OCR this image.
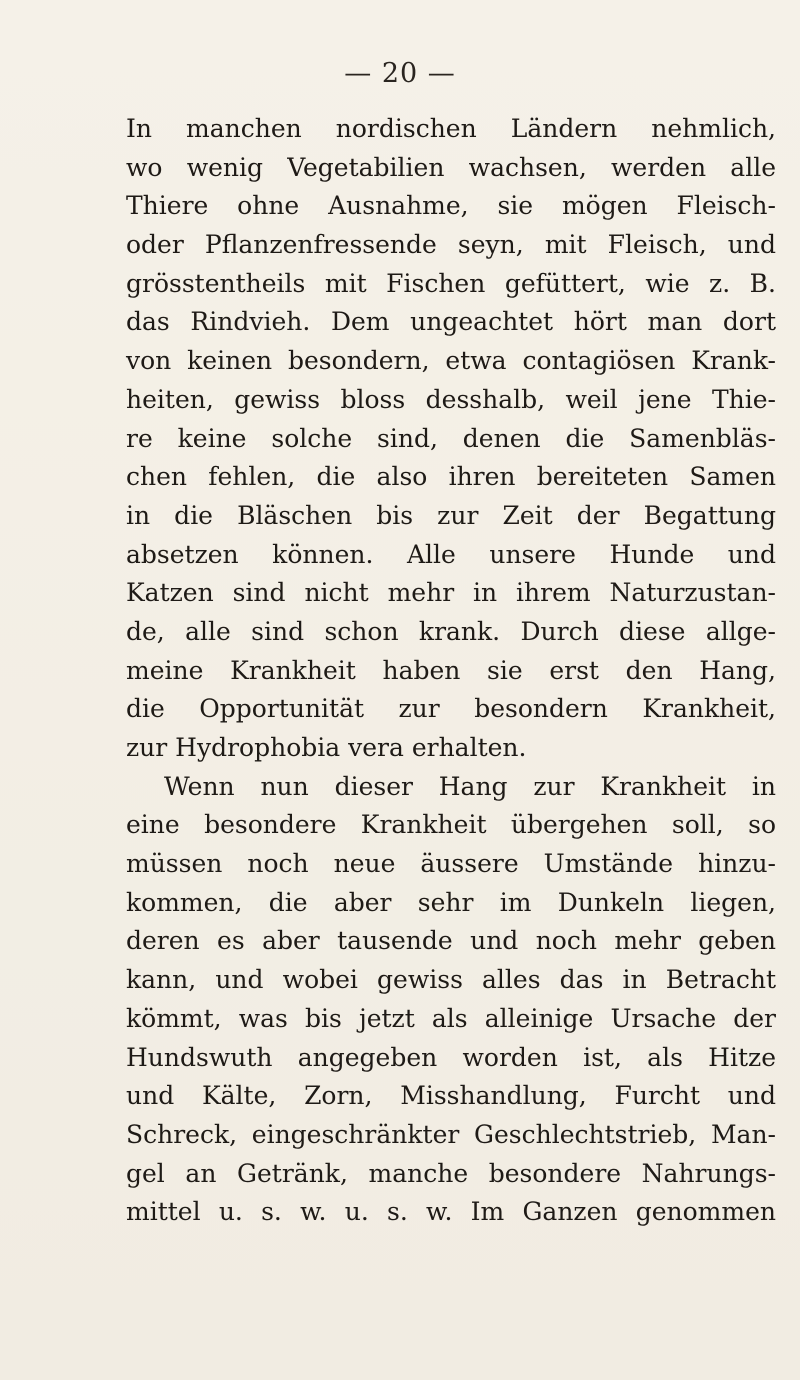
— 20 —
In manchen nordischen Ländern nehmlich,
wo wenig Vegetabilien wachsen, werden alle
Thiere ohne Ausnahme, sie mögen Fleisch-
oder Pflanzenfressende seyn, mit Fleisch, und
grösstentheils mit Fischen gefüttert, wie z. B.
das Rindvieh. Dem ungeachtet hört man dort
von keinen besondern, etwa contagiösen Krank-
heiten, gewiss bloss desshalb, weil jene Thie-
re keine solche sind, denen die Samenbläs-
chen fehlen, die also ihren bereiteten Samen
in die Bläschen bis zur Zeit der Begattung
absetzen können. Alle unsere Hunde und
Katzen sind nicht mehr in ihrem Naturzustan-
de, alle sind schon krank. Durch diese allge-
meine Krankheit haben sie erst den Hang,
die Opportunität zur besondern Krankheit,
zur Hydrophobia vera erhalten.
Wenn nun dieser Hang zur Krankheit in
eine besondere Krankheit übergehen soll, so
müssen noch neue äussere Umstände hinzu-
kommen, die aber sehr im Dunkeln liegen,
deren es aber tausende und noch mehr geben
kann, und wobei gewiss alles das in Betracht
kömmt, was bis jetzt als alleinige Ursache der
Hundswuth angegeben worden ist, als Hitze
und Kälte, Zorn, Misshandlung, Furcht und
Schreck, eingeschränkter Geschlechtstrieb, Man-
gel an Getränk, manche besondere Nahrungs-
mittel u. s. w. u. s. w. Im Ganzen genommen
